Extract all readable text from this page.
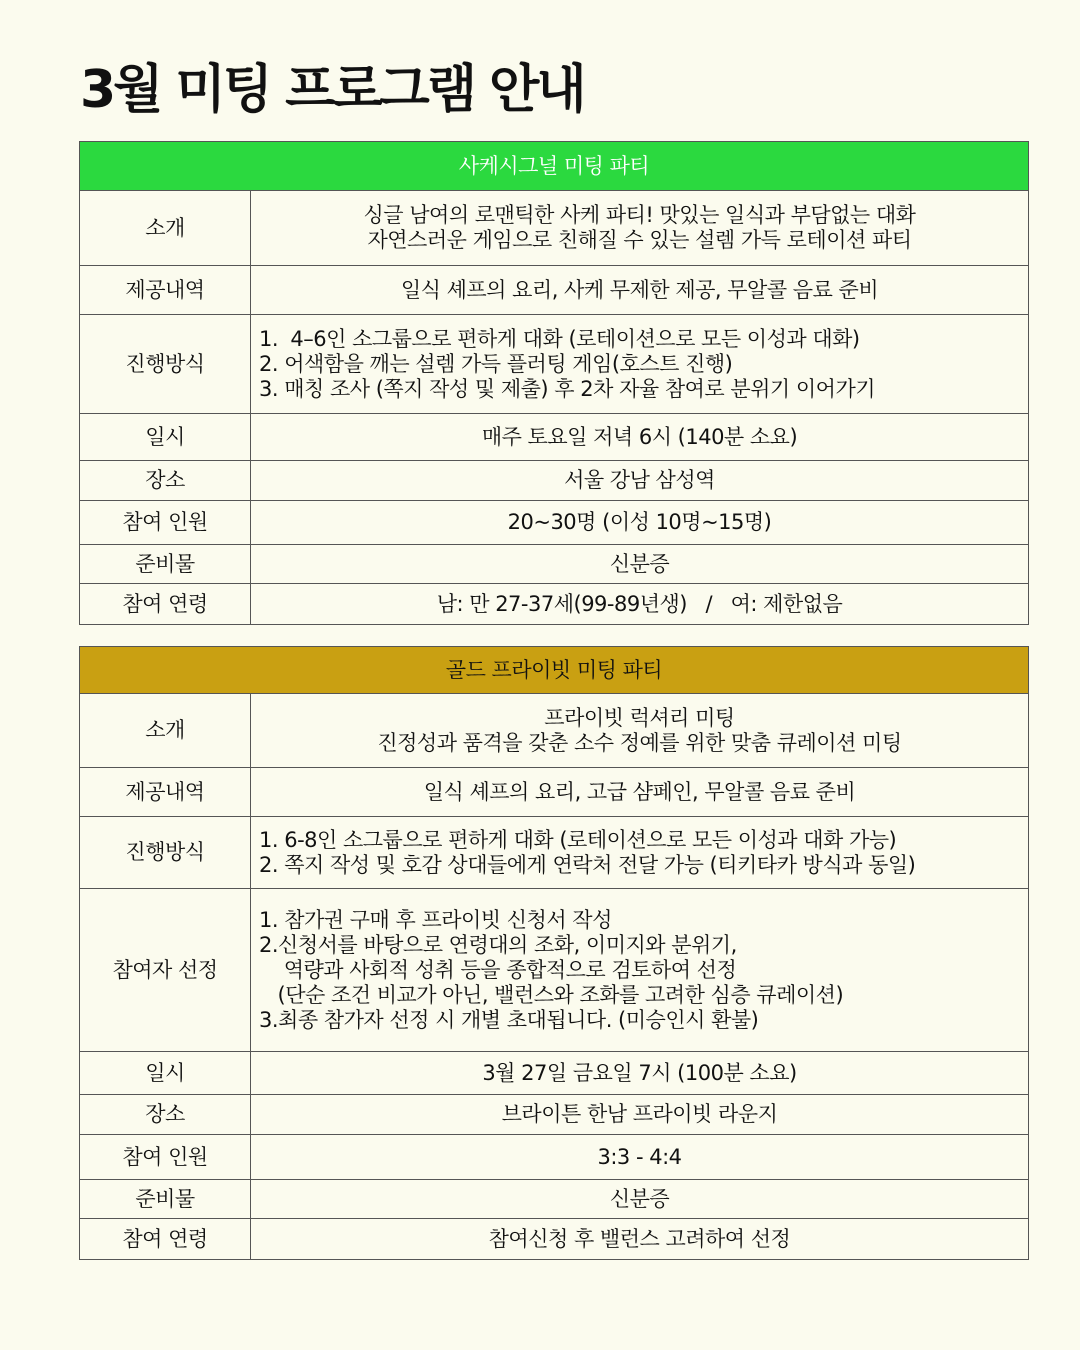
3월 미팅 프로그램 안내
사케시그널 미팅 파티	
소개	싱글 남여의 로맨틱한 사케 파티! 맛있는 일식과 부담없는 대화
자연스러운 게임으로 친해질 수 있는 설렘 가득 로테이션 파티

제공내역	일식 셰프의 요리, 사케 무제한 제공, 무알콜 음료 준비

진행방식	1.  4–6인 소그룹으로 편하게 대화 (로테이션으로 모든 이성과 대화)
2. 어색함을 깨는 설렘 가득 플러팅 게임(호스트 진행)
3. 매칭 조사 (쪽지 작성 및 제출) 후 2차 자율 참여로 분위기 이어가기

일시	매주 토요일 저녁 6시 (140분 소요)

장소	서울 강남 삼성역

참여 인원	20~30명 (이성 10명~15명)

준비물	신분증

참여 연령	남: 만 27-37세(99-89년생)   /   여: 제한없음
골드 프라이빗 미팅 파티	
소개	프라이빗 럭셔리 미팅
진정성과 품격을 갖춘 소수 정예를 위한 맞춤 큐레이션 미팅

제공내역	일식 셰프의 요리, 고급 샴페인, 무알콜 음료 준비

진행방식	1. 6-8인 소그룹으로 편하게 대화 (로테이션으로 모든 이성과 대화 가능)
2. 쪽지 작성 및 호감 상대들에게 연락처 전달 가능 (티키타카 방식과 동일)

참여자 선정	1. 참가권 구매 후 프라이빗 신청서 작성
2.신청서를 바탕으로 연령대의 조화, 이미지와 분위기,
역량과 사회적 성취 등을 종합적으로 검토하여 선정
(단순 조건 비교가 아닌, 밸런스와 조화를 고려한 심층 큐레이션)
3.최종 참가자 선정 시 개별 초대됩니다. (미승인시 환불)

일시	3월 27일 금요일 7시 (100분 소요)

장소	브라이튼 한남 프라이빗 라운지

참여 인원	3:3 - 4:4

준비물	신분증

참여 연령	참여신청 후 밸런스 고려하여 선정
